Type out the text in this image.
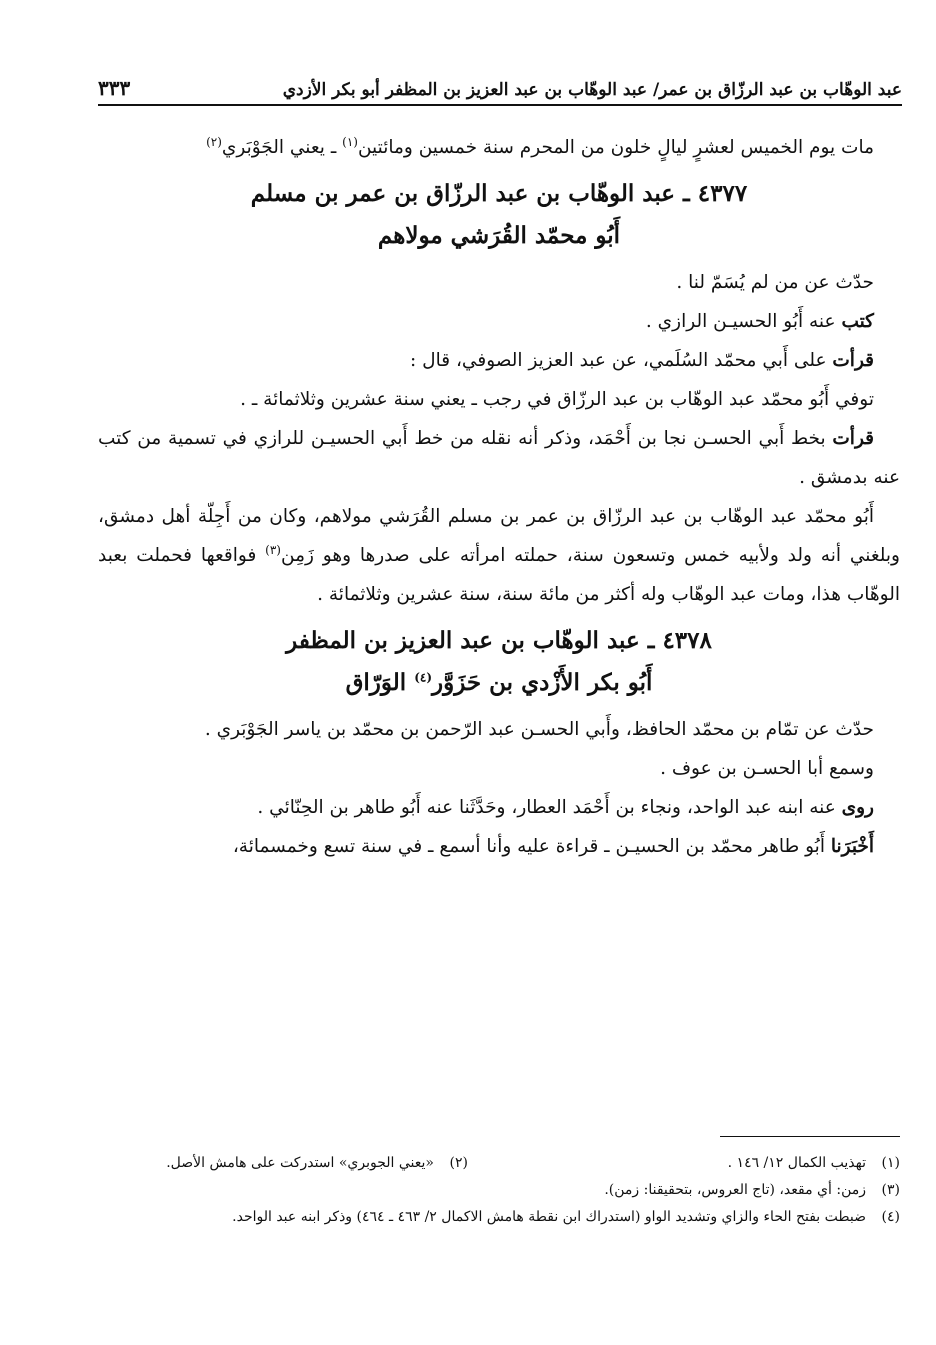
عبد الوهّاب بن عبد الرزّاق بن عمر/ عبد الوهّاب بن عبد العزيز بن المظفر أبو بكر الأزدي
٣٣٣

مات يوم الخميس لعشرٍ ليالٍ خلون من المحرم سنة خمسين ومائتين$^{(١)}$ ـ يعني الجَوْبَري$^{(٢)}$

٤٣٧٧ ـ عبد الوهّاب بن عبد الرزّاق بن عمر بن مسلم
أَبُو محمّد القُرَشي مولاهم

حدّث عن من لم يُسَمّ لنا .

كتب عنه أَبُو الحسيـن الرازي .

قرأت على أَبي محمّد السُلَمي، عن عبد العزيز الصوفي، قال :

توفي أَبُو محمّد عبد الوهّاب بن عبد الرزّاق في رجب ـ يعني سنة عشرين وثلاثمائة ـ .

قرأت بخط أَبي الحسـن نجا بن أَحْمَد، وذكر أنه نقله من خط أَبي الحسيـن للرازي في تسمية من كتب عنه بدمشق .

أَبُو محمّد عبد الوهّاب بن عبد الرزّاق بن عمر بن مسلم القُرَشي مولاهم، وكان من أَجِلّة أهل دمشق، وبلغني أنه ولد ولأبيه خمس وتسعون سنة، حملته امرأته على صدرها وهو زَمِن$^{(٣)}$ فواقعها فحملت بعبد الوهّاب هذا، ومات عبد الوهّاب وله أكثر من مائة سنة، سنة عشرين وثلاثمائة .

٤٣٧٨ ـ عبد الوهّاب بن عبد العزيز بن المظفر
أَبُو بكر الأَزْدي بن حَزَوَّر$^{(٤)}$ الوَرّاق

حدّث عن تمّام بن محمّد الحافظ، وأَبي الحسـن عبد الرّحمن بن محمّد بن ياسر الجَوْبَري .

وسمع أبا الحسـن بن عوف .

روى عنه ابنه عبد الواحد، ونجاء بن أَحْمَد العطار، وحَدَّثَنا عنه أَبُو طاهر بن الحِنّائي .

أَخْبَرَنا أَبُو طاهر محمّد بن الحسيـن ـ قراءة عليه وأنا أسمع ـ في سنة تسع وخمسمائة،

(١)تهذيب الكمال ١٢/ ١٤٦ .
(٢)«يعني الجوبري» استدركت على هامش الأصل.
(٣)زمن: أي مقعد، (تاج العروس، بتحقيقنا: زمن).
(٤)ضبطت بفتح الحاء والزاي وتشديد الواو (استدراك ابن نقطة هامش الاكمال ٢/ ٤٦٣ ـ ٤٦٤) وذكر ابنه عبد الواحد.
